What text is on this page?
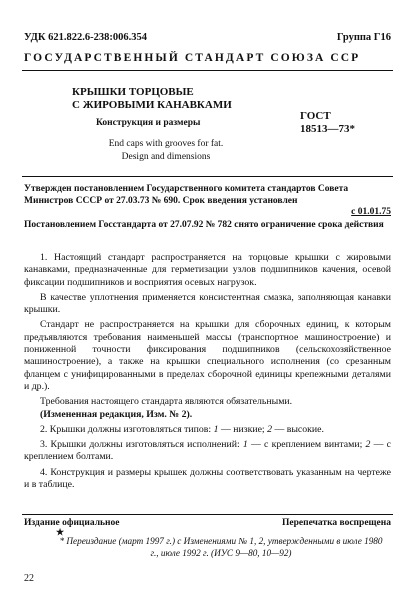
УДК 621.822.6-238:006.354	Группа Г16
ГОСУДАРСТВЕННЫЙ СТАНДАРТ СОЮЗА ССР
КРЫШКИ ТОРЦОВЫЕ
С ЖИРОВЫМИ КАНАВКАМИ
Конструкция и размеры
ГОСТ
18513—73*
End caps with grooves for fat.
Design and dimensions
Утвержден постановлением Государственного комитета стандартов Совета Министров СССР от 27.03.73 № 690. Срок введения установлен
с 01.01.75
Постановлением Госстандарта от 27.07.92 № 782 снято ограничение срока действия

1. Настоящий стандарт распространяется на торцовые крышки с жировыми канавками, предназначенные для герметизации узлов подшипников качения, осевой фиксации подшипников и восприятия осевых нагрузок.

В качестве уплотнения применяется консистентная смазка, заполняющая канавки крышки.

Стандарт не распространяется на крышки для сборочных единиц, к которым предъявляются требования наименьшей массы (транспортное машиностроение) и пониженной точности фиксирования подшипников (сельскохозяйственное машиностроение), а также на крышки специального исполнения (со срезанным фланцем с унифицированными в пределах сборочной единицы крепежными деталями и др.).

Требования настоящего стандарта являются обязательными.

(Измененная редакция, Изм. № 2).

2. Крышки должны изготовляться типов: 1 — низкие; 2 — высокие.

3. Крышки должны изготовляться исполнений: 1 — с креплением винтами; 2 — с креплением болтами.

4. Конструкция и размеры крышек должны соответствовать указанным на чертеже и в таблице.

Издание официальное	Перепечатка воспрещена
★
* Переиздание (март 1997 г.) с Изменениями № 1, 2, утвержденными в июле 1980 г., июле 1992 г. (ИУС 9—80, 10—92)
22
